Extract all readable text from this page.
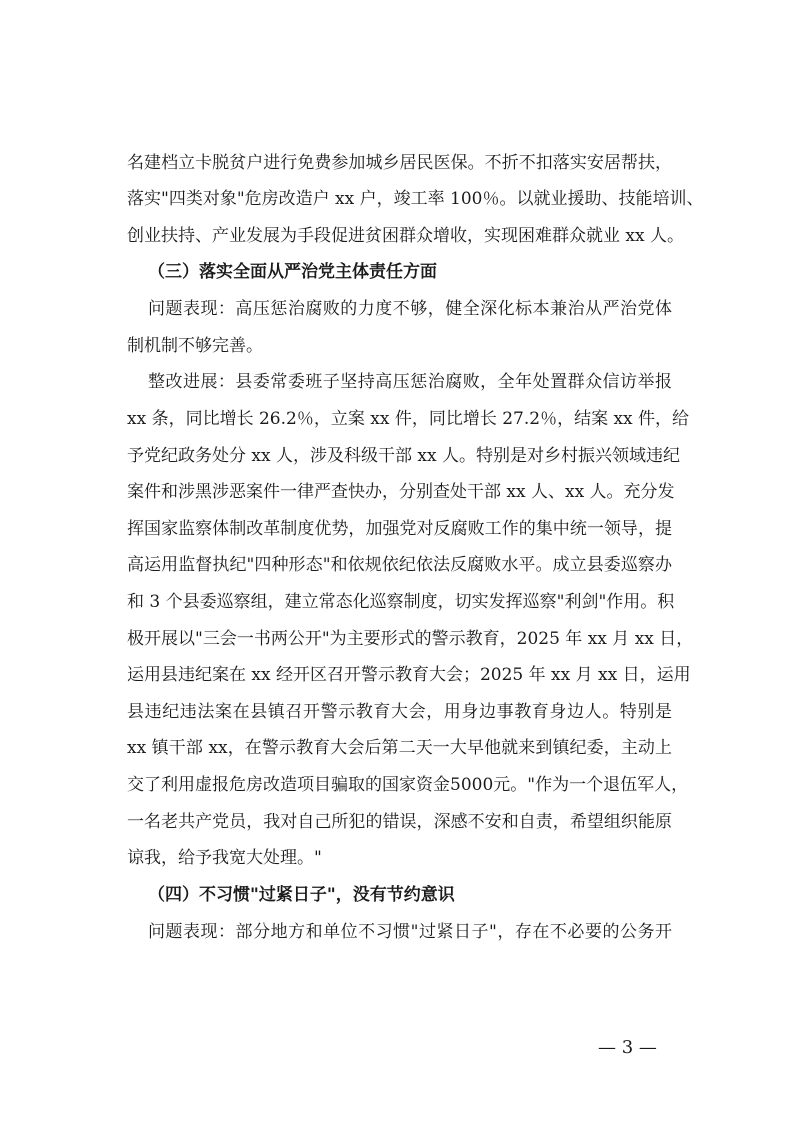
名建档立卡脱贫户进行免费参加城乡居民医保。不折不扣落实安居帮扶，
落实"四类对象"危房改造户 xx 户，竣工率 100％。以就业援助、技能培训、
创业扶持、产业发展为手段促进贫困群众增收，实现困难群众就业 xx 人。
（三）落实全面从严治党主体责任方面
问题表现：高压惩治腐败的力度不够，健全深化标本兼治从严治党体
制机制不够完善。
整改进展：县委常委班子坚持高压惩治腐败，全年处置群众信访举报
xx 条，同比增长 26.2％，立案 xx 件，同比增长 27.2％，结案 xx 件，给
予党纪政务处分 xx 人，涉及科级干部 xx 人。特别是对乡村振兴领域违纪
案件和涉黑涉恶案件一律严查快办，分别查处干部 xx 人、xx 人。充分发
挥国家监察体制改革制度优势，加强党对反腐败工作的集中统一领导，提
高运用监督执纪"四种形态"和依规依纪依法反腐败水平。成立县委巡察办
和 3 个县委巡察组，建立常态化巡察制度，切实发挥巡察"利剑"作用。积
极开展以"三会一书两公开"为主要形式的警示教育，2025 年 xx 月 xx 日，
运用县违纪案在 xx 经开区召开警示教育大会；2025 年 xx 月 xx 日，运用
县违纪违法案在县镇召开警示教育大会，用身边事教育身边人。特别是
xx 镇干部 xx，在警示教育大会后第二天一大早他就来到镇纪委，主动上
交了利用虚报危房改造项目骗取的国家资金5000元。"作为一个退伍军人，
一名老共产党员，我对自己所犯的错误，深感不安和自责，希望组织能原
谅我，给予我宽大处理。"
（四）不习惯"过紧日子"，没有节约意识
问题表现：部分地方和单位不习惯"过紧日子"，存在不必要的公务开
— 3 —
